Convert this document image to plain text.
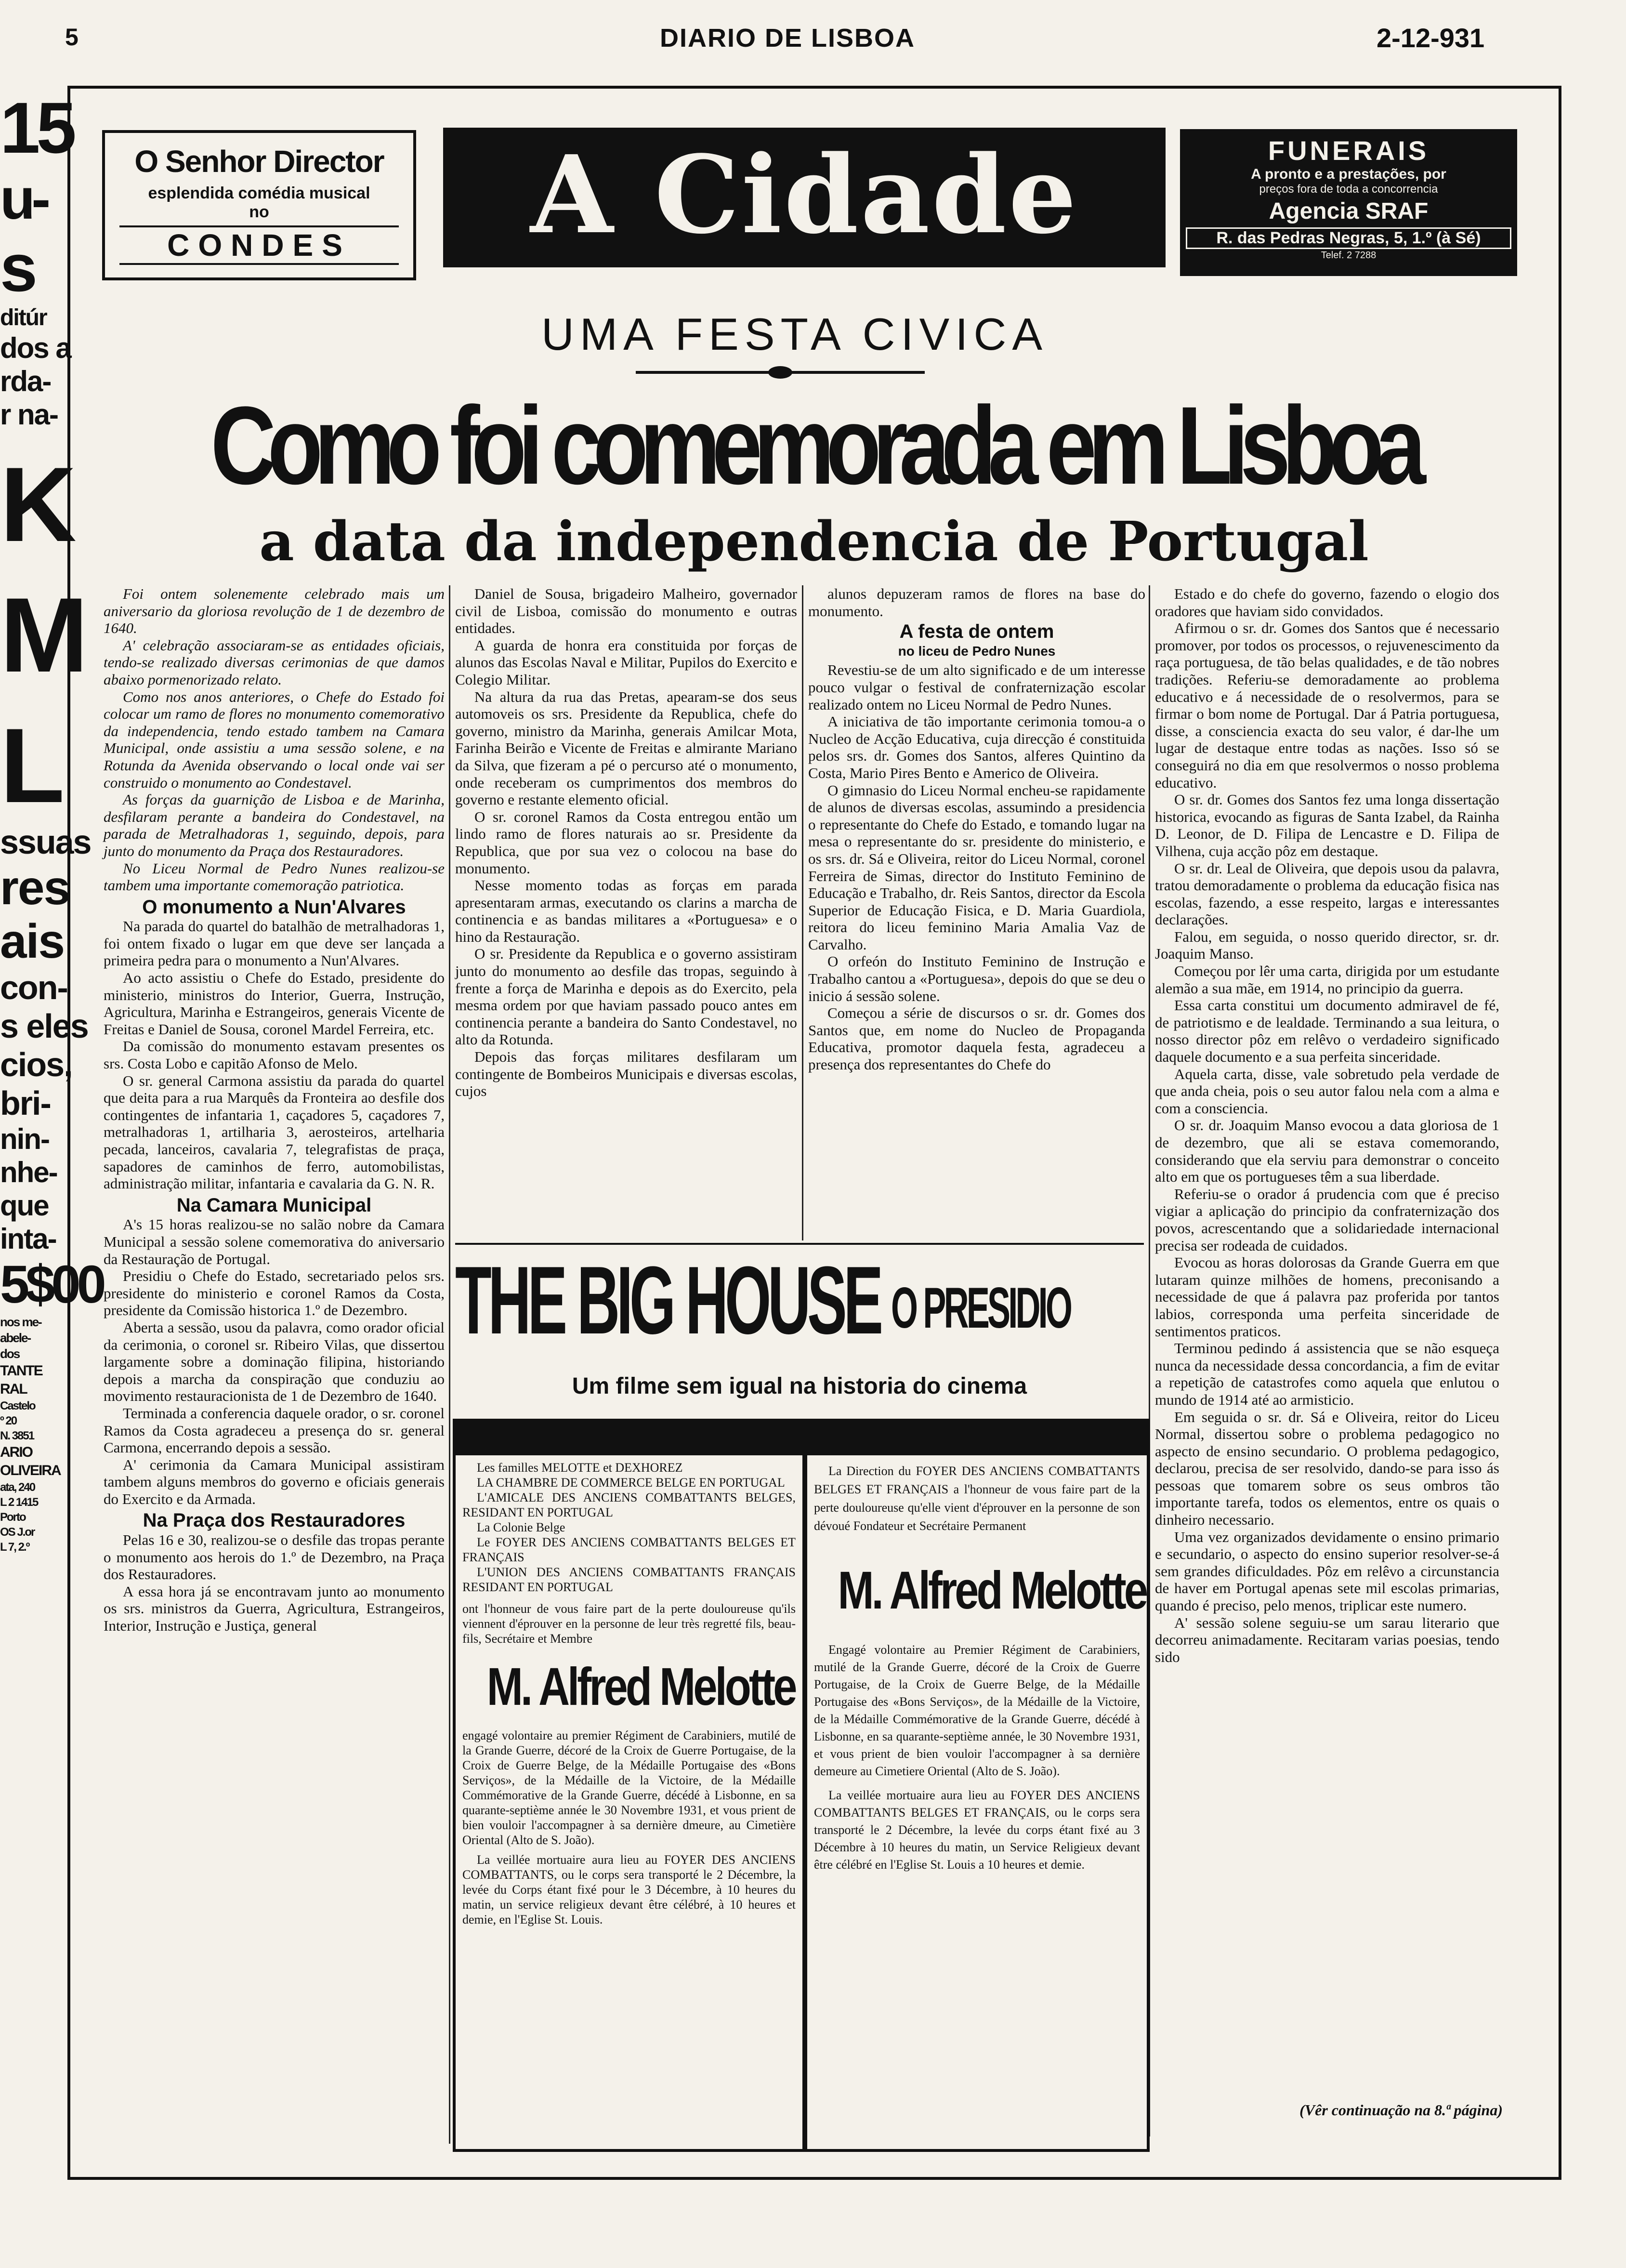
5	DIARIO DE LISBOA	2-12-931
15
u-
s
ditúr
dos a
rda-
r na-
K
M
L
ssuas
res
ais
con-
s eles
cios,
bri-
nin-
nhe-
que
inta-
5$00
nos me-
abele-
dos
TANTE
RAL
Castelo
º 20
N. 3851
ARIO
OLIVEIRA
ata, 240
L 2 1415
Porto
OS J.or
L 7, 2.º
O Senhor Director
esplendida comédia musical
no
CONDES	A Cidade	FUNERAIS
A pronto e a prestações, por
preços fora de toda a concorrencia
Agencia SRAF
R. das Pedras Negras, 5, 1.º (à Sé)
Telef. 2 7288
UMA FESTA CIVICA
Como foi comemorada em Lisboa
a data da independencia de Portugal

Foi ontem solenemente celebrado mais um aniversario da gloriosa revolução de 1 de dezembro de 1640.

A' celebração associaram-se as entidades oficiais, tendo-se realizado diversas cerimonias de que damos abaixo pormenorizado relato.

Como nos anos anteriores, o Chefe do Estado foi colocar um ramo de flores no monumento comemorativo da independencia, tendo estado tambem na Camara Municipal, onde assistiu a uma sessão solene, e na Rotunda da Avenida observando o local onde vai ser construido o monumento ao Condestavel.

As forças da guarnição de Lisboa e de Marinha, desfilaram perante a bandeira do Condestavel, na parada de Metralhadoras 1, seguindo, depois, para junto do monumento da Praça dos Restauradores.

No Liceu Normal de Pedro Nunes realizou-se tambem uma importante comemoração patriotica.

O monumento a Nun'Alvares

Na parada do quartel do batalhão de metralhadoras 1, foi ontem fixado o lugar em que deve ser lançada a primeira pedra para o monumento a Nun'Alvares.

Ao acto assistiu o Chefe do Estado, presidente do ministerio, ministros do Interior, Guerra, Instrução, Agricultura, Marinha e Estrangeiros, generais Vicente de Freitas e Daniel de Sousa, coronel Mardel Ferreira, etc.

Da comissão do monumento estavam presentes os srs. Costa Lobo e capitão Afonso de Melo.

O sr. general Carmona assistiu da parada do quartel que deita para a rua Marquês da Fronteira ao desfile dos contingentes de infantaria 1, caçadores 5, caçadores 7, metralhadoras 1, artilharia 3, aerosteiros, artelharia pecada, lanceiros, cavalaria 7, telegrafistas de praça, sapadores de caminhos de ferro, automobilistas, administração militar, infantaria e cavalaria da G. N. R.

Na Camara Municipal

A's 15 horas realizou-se no salão nobre da Camara Municipal a sessão solene comemorativa do aniversario da Restauração de Portugal.

Presidiu o Chefe do Estado, secretariado pelos srs. presidente do ministerio e coronel Ramos da Costa, presidente da Comissão historica 1.º de Dezembro.

Aberta a sessão, usou da palavra, como orador oficial da cerimonia, o coronel sr. Ribeiro Vilas, que dissertou largamente sobre a dominação filipina, historiando depois a marcha da conspiração que conduziu ao movimento restauracionista de 1 de Dezembro de 1640.

Terminada a conferencia daquele orador, o sr. coronel Ramos da Costa agradeceu a presença do sr. general Carmona, encerrando depois a sessão.

A' cerimonia da Camara Municipal assistiram tambem alguns membros do governo e oficiais generais do Exercito e da Armada.

Na Praça dos Restauradores

Pelas 16 e 30, realizou-se o desfile das tropas perante o monumento aos herois do 1.º de Dezembro, na Praça dos Restauradores.

A essa hora já se encontravam junto ao monumento os srs. ministros da Guerra, Agricultura, Estrangeiros, Interior, Instrução e Justiça, general

Daniel de Sousa, brigadeiro Malheiro, governador civil de Lisboa, comissão do monumento e outras entidades.

A guarda de honra era constituida por forças de alunos das Escolas Naval e Militar, Pupilos do Exercito e Colegio Militar.

Na altura da rua das Pretas, apearam-se dos seus automoveis os srs. Presidente da Republica, chefe do governo, ministro da Marinha, generais Amilcar Mota, Farinha Beirão e Vicente de Freitas e almirante Mariano da Silva, que fizeram a pé o percurso até o monumento, onde receberam os cumprimentos dos membros do governo e restante elemento oficial.

O sr. coronel Ramos da Costa entregou então um lindo ramo de flores naturais ao sr. Presidente da Republica, que por sua vez o colocou na base do monumento.

Nesse momento todas as forças em parada apresentaram armas, executando os clarins a marcha de continencia e as bandas militares a «Portuguesa» e o hino da Restauração.

O sr. Presidente da Republica e o governo assistiram junto do monumento ao desfile das tropas, seguindo à frente a força de Marinha e depois as do Exercito, pela mesma ordem por que haviam passado pouco antes em continencia perante a bandeira do Santo Condestavel, no alto da Rotunda.

Depois das forças militares desfilaram um contingente de Bombeiros Municipais e diversas escolas, cujos

alunos depuzeram ramos de flores na base do monumento.

A festa de ontem
no liceu de Pedro Nunes

Revestiu-se de um alto significado e de um interesse pouco vulgar o festival de confraternização escolar realizado ontem no Liceu Normal de Pedro Nunes.

A iniciativa de tão importante cerimonia tomou-a o Nucleo de Acção Educativa, cuja direcção é constituida pelos srs. dr. Gomes dos Santos, alferes Quintino da Costa, Mario Pires Bento e Americo de Oliveira.

O gimnasio do Liceu Normal encheu-se rapidamente de alunos de diversas escolas, assumindo a presidencia o representante do Chefe do Estado, e tomando lugar na mesa o representante do sr. presidente do ministerio, e os srs. dr. Sá e Oliveira, reitor do Liceu Normal, coronel Ferreira de Simas, director do Instituto Feminino de Educação e Trabalho, dr. Reis Santos, director da Escola Superior de Educação Fisica, e D. Maria Guardiola, reitora do liceu feminino Maria Amalia Vaz de Carvalho.

O orfeón do Instituto Feminino de Instrução e Trabalho cantou a «Portuguesa», depois do que se deu o inicio á sessão solene.

Começou a série de discursos o sr. dr. Gomes dos Santos que, em nome do Nucleo de Propaganda Educativa, promotor daquela festa, agradeceu a presença dos representantes do Chefe do

Estado e do chefe do governo, fazendo o elogio dos oradores que haviam sido convidados.

Afirmou o sr. dr. Gomes dos Santos que é necessario promover, por todos os processos, o rejuvenescimento da raça portuguesa, de tão belas qualidades, e de tão nobres tradições. Referiu-se demoradamente ao problema educativo e á necessidade de o resolvermos, para se firmar o bom nome de Portugal. Dar á Patria portuguesa, disse, a consciencia exacta do seu valor, é dar-lhe um lugar de destaque entre todas as nações. Isso só se conseguirá no dia em que resolvermos o nosso problema educativo.

O sr. dr. Gomes dos Santos fez uma longa dissertação historica, evocando as figuras de Santa Izabel, da Rainha D. Leonor, de D. Filipa de Lencastre e D. Filipa de Vilhena, cuja acção pôz em destaque.

O sr. dr. Leal de Oliveira, que depois usou da palavra, tratou demoradamente o problema da educação fisica nas escolas, fazendo, a esse respeito, largas e interessantes declarações.

Falou, em seguida, o nosso querido director, sr. dr. Joaquim Manso.

Começou por lêr uma carta, dirigida por um estudante alemão a sua mãe, em 1914, no principio da guerra.

Essa carta constitui um documento admiravel de fé, de patriotismo e de lealdade. Terminando a sua leitura, o nosso director pôz em relêvo o verdadeiro significado daquele documento e a sua perfeita sinceridade.

Aquela carta, disse, vale sobretudo pela verdade de que anda cheia, pois o seu autor falou nela com a alma e com a consciencia.

O sr. dr. Joaquim Manso evocou a data gloriosa de 1 de dezembro, que ali se estava comemorando, considerando que ela serviu para demonstrar o conceito alto em que os portugueses têm a sua liberdade.

Referiu-se o orador á prudencia com que é preciso vigiar a aplicação do principio da confraternização dos povos, acrescentando que a solidariedade internacional precisa ser rodeada de cuidados.

Evocou as horas dolorosas da Grande Guerra em que lutaram quinze milhões de homens, preconisando a necessidade de que á palavra paz proferida por tantos labios, corresponda uma perfeita sinceridade de sentimentos praticos.

Terminou pedindo á assistencia que se não esqueça nunca da necessidade dessa concordancia, a fim de evitar a repetição de catastrofes como aquela que enlutou o mundo de 1914 até ao armisticio.

Em seguida o sr. dr. Sá e Oliveira, reitor do Liceu Normal, dissertou sobre o problema pedagogico no aspecto de ensino secundario. O problema pedagogico, declarou, precisa de ser resolvido, dando-se para isso ás pessoas que tomarem sobre os seus ombros tão importante tarefa, todos os elementos, entre os quais o dinheiro necessario.

Uma vez organizados devidamente o ensino primario e secundario, o aspecto do ensino superior resolver-se-á sem grandes dificuldades. Pôz em relêvo a circunstancia de haver em Portugal apenas sete mil escolas primarias, quando é preciso, pelo menos, triplicar este numero.

A' sessão solene seguiu-se um sarau literario que decorreu animadamente. Recitaram varias poesias, tendo sido

(Vêr continuação na 8.ª página)
THE BIG HOUSE O PRESIDIO
Um filme sem igual na historia do cinema
Les familles MELOTTE et DEXHOREZ
LA CHAMBRE DE COMMERCE BELGE EN PORTUGAL
L'AMICALE DES ANCIENS COMBATTANTS BELGES, RESIDANT EN PORTUGAL
La Colonie Belge
Le FOYER DES ANCIENS COMBATTANTS BELGES ET FRANÇAIS
L'UNION DES ANCIENS COMBATTANTS FRANÇAIS RESIDANT EN PORTUGAL
ont l'honneur de vous faire part de la perte douloureuse qu'ils viennent d'éprouver en la personne de leur très regretté fils, beau-fils, Secrétaire et Membre
M. Alfred Melotte
engagé volontaire au premier Régiment de Carabiniers, mutilé de la Grande Guerre, décoré de la Croix de Guerre Portugaise, de la Croix de Guerre Belge, de la Médaille Portugaise des «Bons Serviços», de la Médaille de la Victoire, de la Médaille Commémorative de la Grande Guerre, décédé à Lisbonne, en sa quarante-septième année le 30 Novembre 1931, et vous prient de bien vouloir l'accompagner à sa dernière dmeure, au Cimetière Oriental (Alto de S. João).
La veillée mortuaire aura lieu au FOYER DES ANCIENS COMBATTANTS, ou le corps sera transporté le 2 Décembre, la levée du Corps étant fixé pour le 3 Décembre, à 10 heures du matin, un service religieux devant être célébré, à 10 heures et demie, en l'Eglise St. Louis.
La Direction du FOYER DES ANCIENS COMBATTANTS BELGES ET FRANÇAIS a l'honneur de vous faire part de la perte douloureuse qu'elle vient d'éprouver en la personne de son dévoué Fondateur et Secrétaire Permanent
M. Alfred Melotte
Engagé volontaire au Premier Régiment de Carabiniers, mutilé de la Grande Guerre, décoré de la Croix de Guerre Portugaise, de la Croix de Guerre Belge, de la Médaille Portugaise des «Bons Serviços», de la Médaille de la Victoire, de la Médaille Commémorative de la Grande Guerre, décédé à Lisbonne, en sa quarante-septième année, le 30 Novembre 1931, et vous prient de bien vouloir l'accompagner à sa dernière demeure au Cimetiere Oriental (Alto de S. João).
La veillée mortuaire aura lieu au FOYER DES ANCIENS COMBATTANTS BELGES ET FRANÇAIS, ou le corps sera transporté le 2 Décembre, la levée du corps étant fixé au 3 Décembre à 10 heures du matin, un Service Religieux devant être célébré en l'Eglise St. Louis a 10 heures et demie.
